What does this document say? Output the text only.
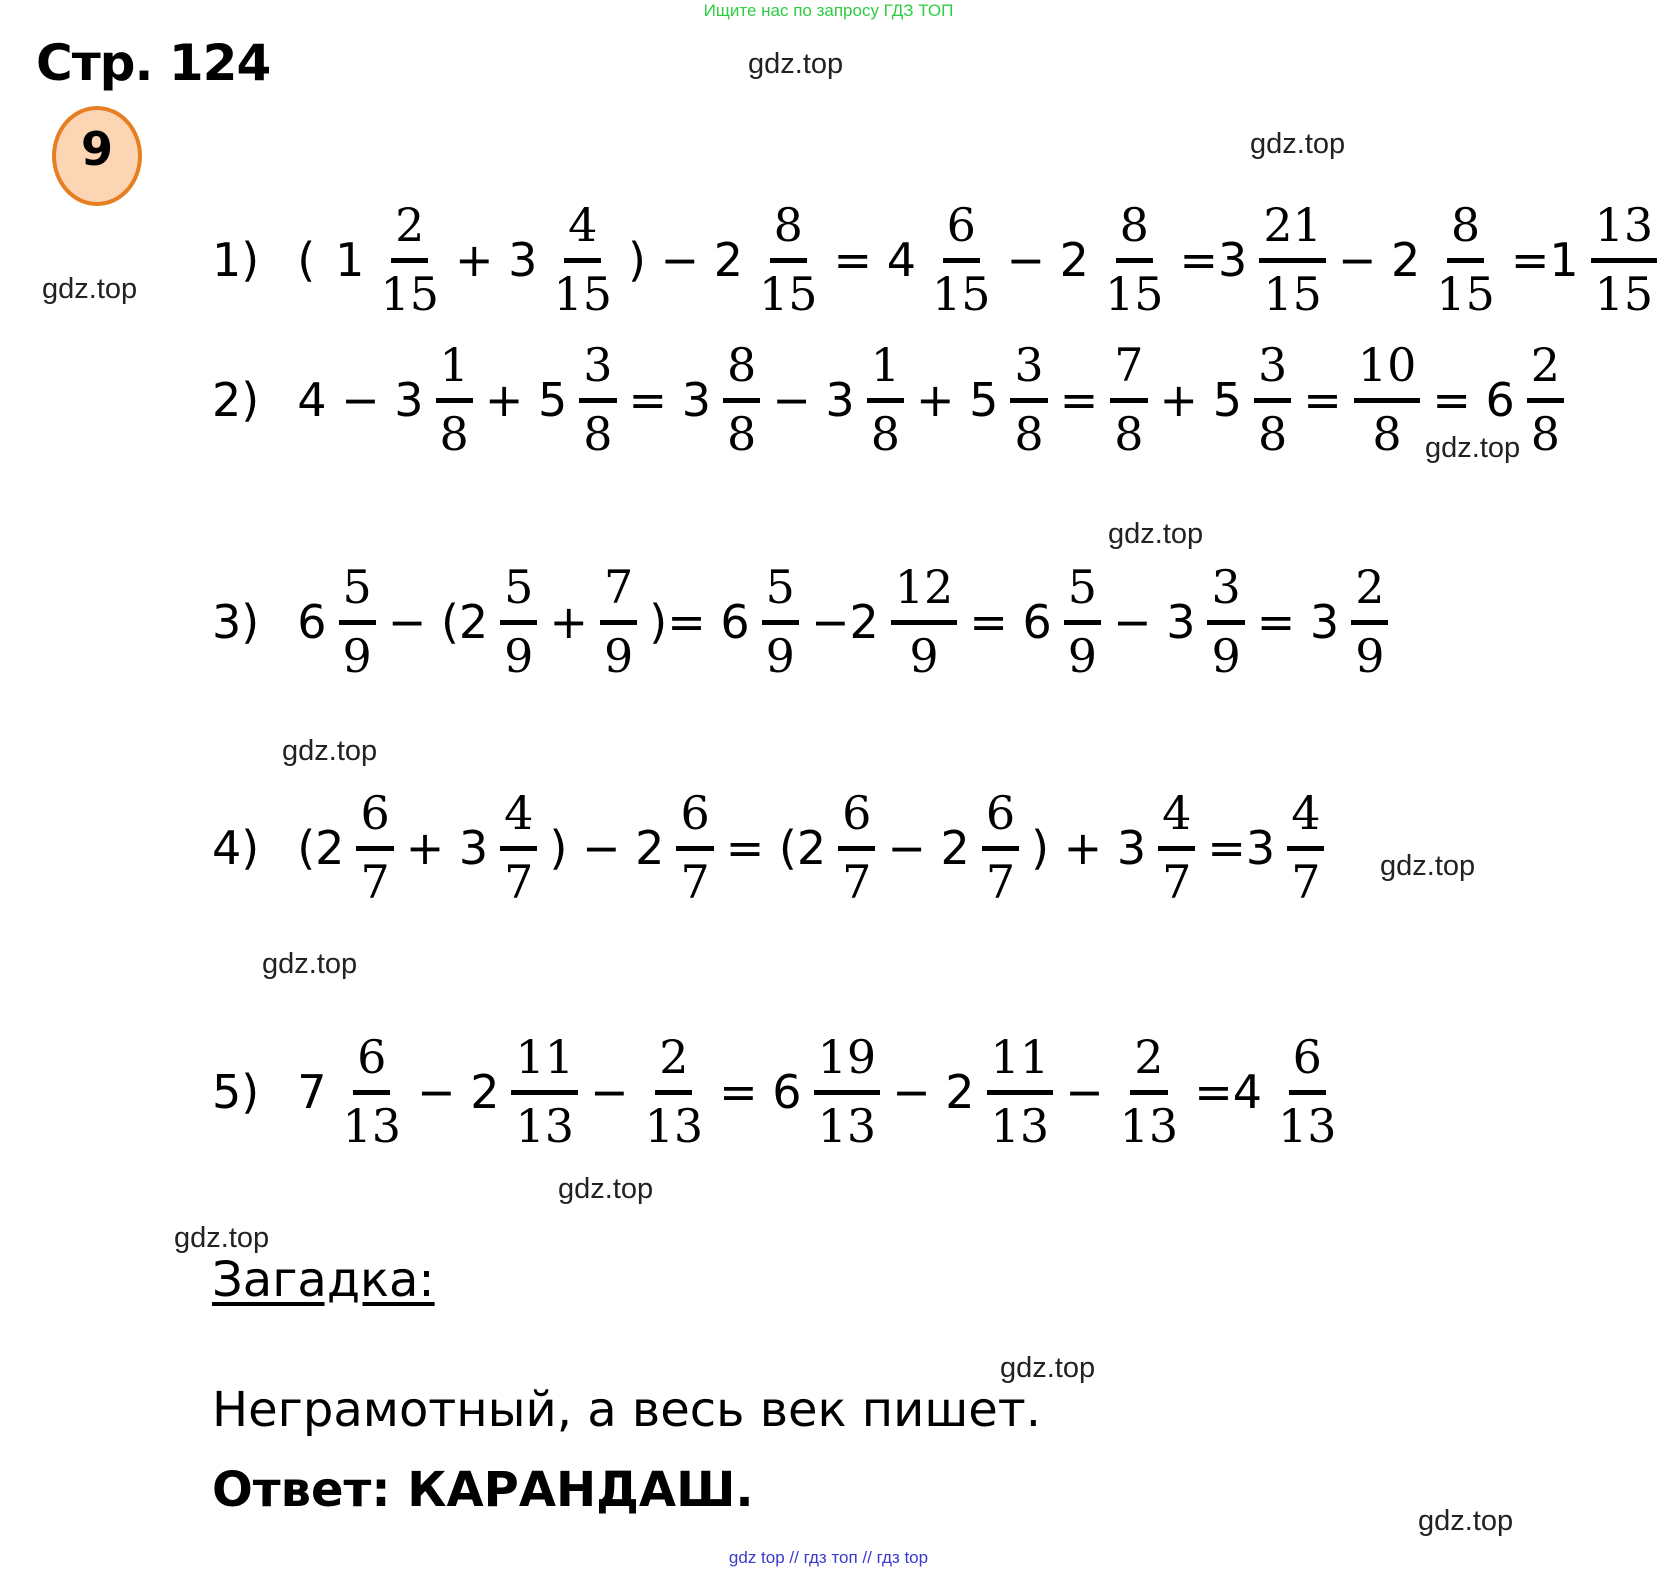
Ищите нас по запросу ГДЗ ТОП
Стр. 124
9
gdz.top
gdz.top
gdz.top
gdz.top
gdz.top
gdz.top
gdz.top
gdz.top
gdz.top
gdz.top
gdz.top
gdz.top
1) ( $1 \frac{2}{15} + 3 \frac{4}{15}$ ) − $2 \frac{8}{15} = 4 \frac{6}{15} - 2 \frac{8}{15} =3 \frac{21}{15} - 2 \frac{8}{15} =1 \frac{13}{15}$
2) $4 - 3 \frac{1}{8} + 5 \frac{3}{8} = 3 \frac{8}{8} - 3 \frac{1}{8} + 5 \frac{3}{8} = \frac{7}{8} + 5 \frac{3}{8} = \frac{10}{8} = 6 \frac{2}{8}$
3) $6 \frac{5}{9} - (2 \frac{5}{9} + \frac{7}{9}$ )= $6 \frac{5}{9} -2 \frac{12}{9} = 6 \frac{5}{9} - 3 \frac{3}{9} = 3 \frac{2}{9}$
4) ($2 \frac{6}{7} + 3 \frac{4}{7}$ ) − $2 \frac{6}{7} = (2 \frac{6}{7} - 2 \frac{6}{7}$ ) + $3 \frac{4}{7} =3 \frac{4}{7}$
5) $7 \frac{6}{13} - 2 \frac{11}{13} - \frac{2}{13} = 6 \frac{19}{13} - 2 \frac{11}{13} - \frac{2}{13} =4 \frac{6}{13}$
Загадка:
Неграмотный, а весь век пишет.
Ответ: КАРАНДАШ.
gdz top // гдз топ // гдз top
